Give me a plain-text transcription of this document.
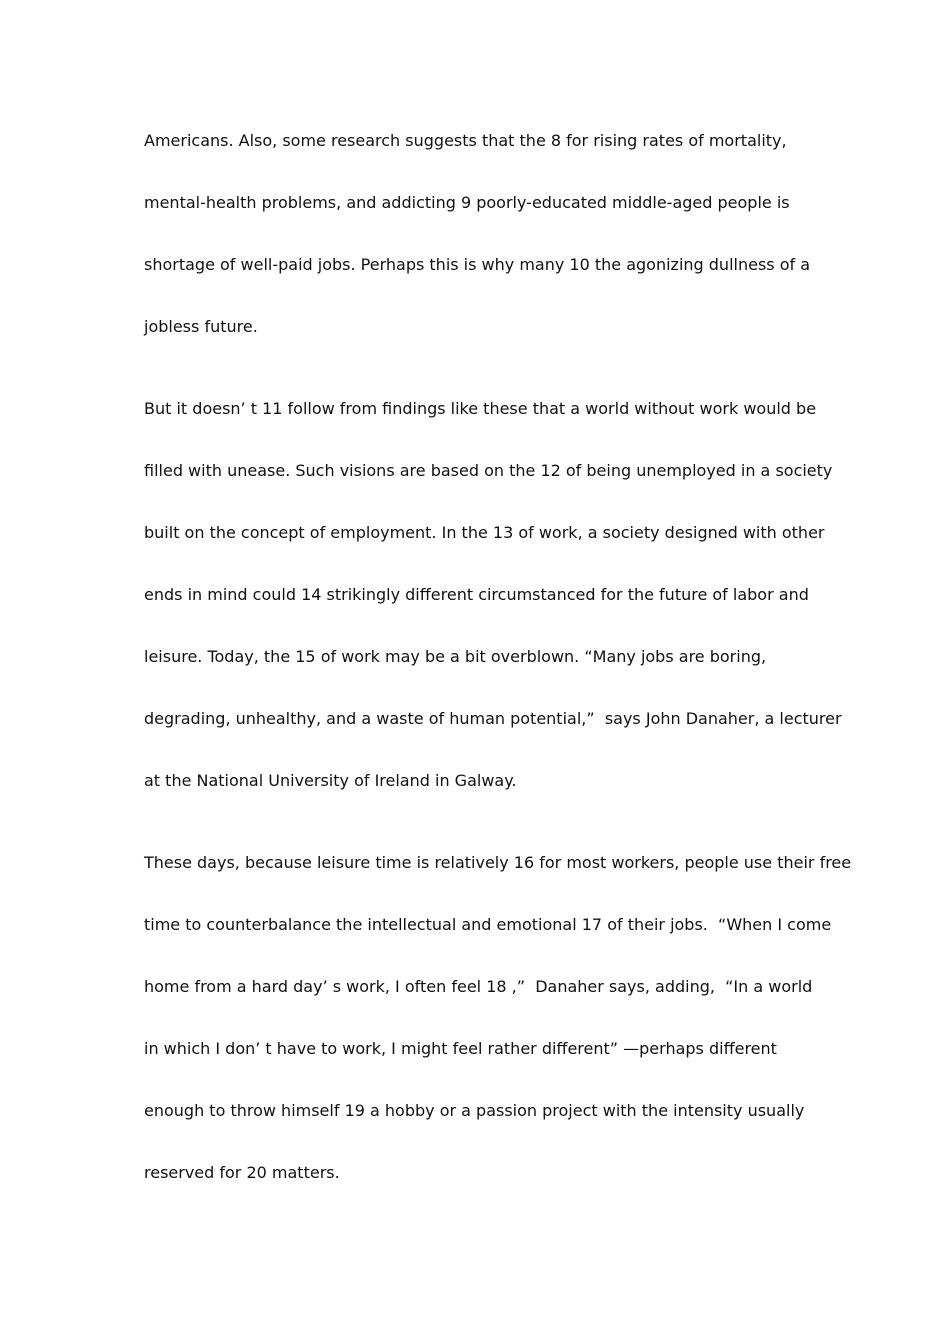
Americans. Also, some research suggests that the 8 for rising rates of mortality,
mental-health problems, and addicting 9 poorly-educated middle-aged people is
shortage of well-paid jobs. Perhaps this is why many 10 the agonizing dullness of a
jobless future.
But it doesn’ t 11 follow from findings like these that a world without work would be
filled with unease. Such visions are based on the 12 of being unemployed in a society
built on the concept of employment. In the 13 of work, a society designed with other
ends in mind could 14 strikingly different circumstanced for the future of labor and
leisure. Today, the 15 of work may be a bit overblown. “Many jobs are boring,
degrading, unhealthy, and a waste of human potential,”  says John Danaher, a lecturer
at the National University of Ireland in Galway.
These days, because leisure time is relatively 16 for most workers, people use their free
time to counterbalance the intellectual and emotional 17 of their jobs.  “When I come
home from a hard day’ s work, I often feel 18 ,”  Danaher says, adding,  “In a world
in which I don’ t have to work, I might feel rather different” —perhaps different
enough to throw himself 19 a hobby or a passion project with the intensity usually
reserved for 20 matters.
